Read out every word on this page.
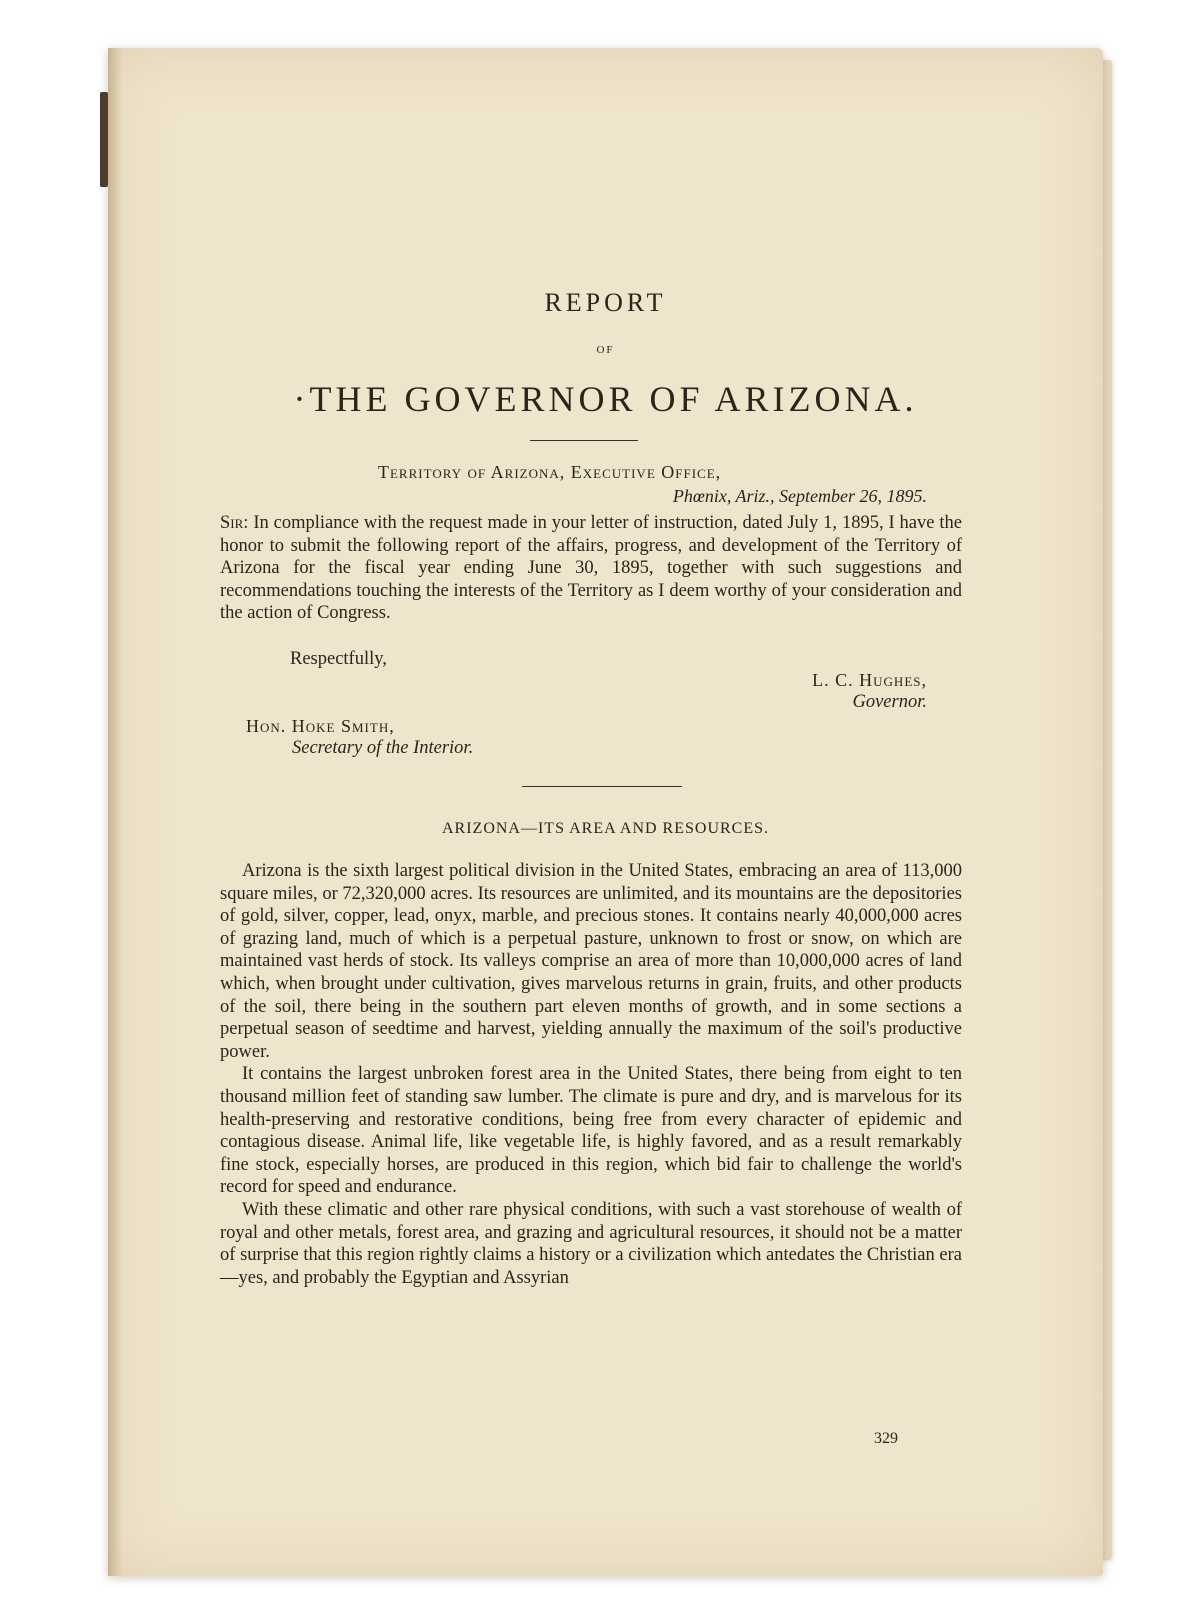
REPORT
OF
·THE GOVERNOR OF ARIZONA.
Territory of Arizona, Executive Office,
Phœnix, Ariz., September 26, 1895.
Sir: In compliance with the request made in your letter of instruction, dated July 1, 1895, I have the honor to submit the following report of the affairs, progress, and development of the Territory of Arizona for the fiscal year ending June 30, 1895, together with such suggestions and recommendations touching the interests of the Territory as I deem worthy of your consideration and the action of Congress.
Respectfully,
L. C. Hughes,
Governor.
Hon. Hoke Smith,
Secretary of the Interior.
ARIZONA—ITS AREA AND RESOURCES.

Arizona is the sixth largest political division in the United States, embracing an area of 113,000 square miles, or 72,320,000 acres. Its resources are unlimited, and its mountains are the depositories of gold, silver, copper, lead, onyx, marble, and precious stones. It contains nearly 40,000,000 acres of grazing land, much of which is a perpetual pasture, unknown to frost or snow, on which are maintained vast herds of stock. Its valleys comprise an area of more than 10,000,000 acres of land which, when brought under cultivation, gives marvelous returns in grain, fruits, and other products of the soil, there being in the southern part eleven months of growth, and in some sections a perpetual season of seedtime and harvest, yielding annually the maximum of the soil's productive power.

It contains the largest unbroken forest area in the United States, there being from eight to ten thousand million feet of standing saw lumber. The climate is pure and dry, and is marvelous for its health-preserving and restorative conditions, being free from every character of epidemic and contagious disease. Animal life, like vegetable life, is highly favored, and as a result remarkably fine stock, especially horses, are produced in this region, which bid fair to challenge the world's record for speed and endurance.

With these climatic and other rare physical conditions, with such a vast storehouse of wealth of royal and other metals, forest area, and grazing and agricultural resources, it should not be a matter of surprise that this region rightly claims a history or a civilization which antedates the Christian era—yes, and probably the Egyptian and Assyrian

329
